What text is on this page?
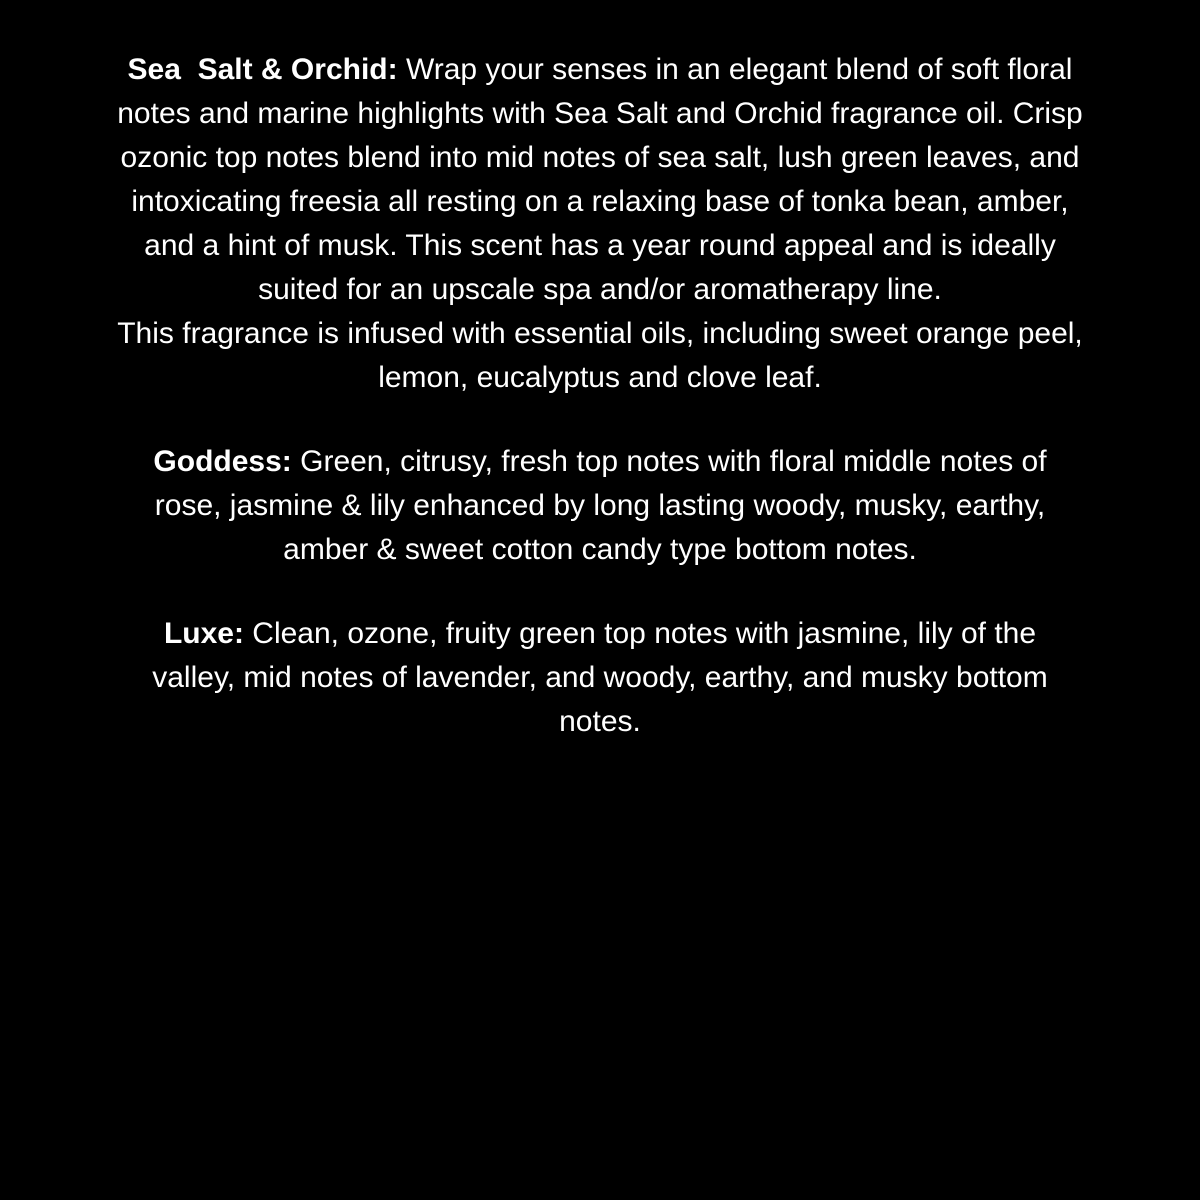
Sea  Salt & Orchid: Wrap your senses in an elegant blend of soft floral
notes and marine highlights with Sea Salt and Orchid fragrance oil. Crisp
ozonic top notes blend into mid notes of sea salt, lush green leaves, and
intoxicating freesia all resting on a relaxing base of tonka bean, amber,
and a hint of musk. This scent has a year round appeal and is ideally
suited for an upscale spa and/or aromatherapy line.
This fragrance is infused with essential oils, including sweet orange peel,
lemon, eucalyptus and clove leaf.
Goddess: Green, citrusy, fresh top notes with floral middle notes of
rose, jasmine & lily enhanced by long lasting woody, musky, earthy,
amber & sweet cotton candy type bottom notes.
Luxe: Clean, ozone, fruity green top notes with jasmine, lily of the
valley, mid notes of lavender, and woody, earthy, and musky bottom
notes.
